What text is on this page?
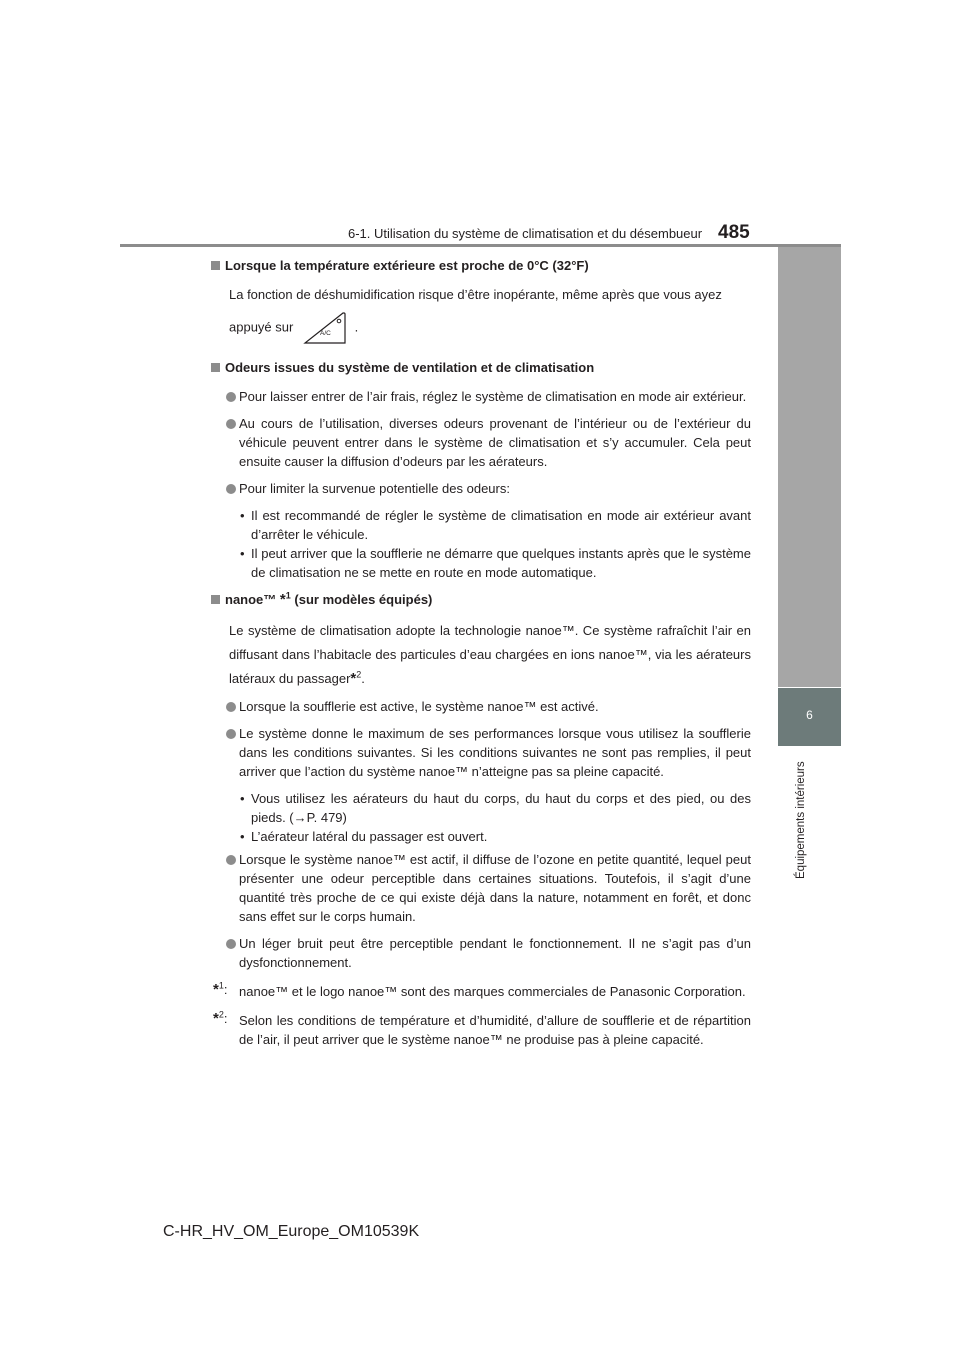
6-1. Utilisation du système de climatisation et du désembueur 485
6
Équipements intérieurs

Lorsque la température extérieure est proche de 0°C (32°F)

La fonction de déshumidification risque d’être inopérante, même après que vous ayez

appuyé sur	A/C .

Odeurs issues du système de ventilation et de climatisation

Pour laisser entrer de l’air frais, réglez le système de climatisation en mode air extérieur.

Au cours de l’utilisation, diverses odeurs provenant de l’intérieur ou de l’extérieur du véhicule peuvent entrer dans le système de climatisation et s’y accumuler. Cela peut ensuite causer la diffusion d’odeurs par les aérateurs.

Pour limiter la survenue potentielle des odeurs:

• Il est recommandé de régler le système de climatisation en mode air extérieur avant d’arrêter le véhicule.

• Il peut arriver que la soufflerie ne démarre que quelques instants après que le système de climatisation ne se mette en route en mode automatique.

nanoe™ *$^1$ (sur modèles équipés)

Le système de climatisation adopte la technologie nanoe™. Ce système rafraîchit l’air en diffusant dans l’habitacle des particules d’eau chargées en ions nanoe™, via les aérateurs latéraux du passager*$^2$.

Lorsque la soufflerie est active, le système nanoe™ est activé.

Le système donne le maximum de ses performances lorsque vous utilisez la soufflerie dans les conditions suivantes. Si les conditions suivantes ne sont pas remplies, il peut arriver que l’action du système nanoe™ n’atteigne pas sa pleine capacité.

• Vous utilisez les aérateurs du haut du corps, du haut du corps et des pied, ou des pieds. (→P. 479)

• L’aérateur latéral du passager est ouvert.

Lorsque le système nanoe™ est actif, il diffuse de l’ozone en petite quantité, lequel peut présenter une odeur perceptible dans certaines situations. Toutefois, il s’agit d’une quantité très proche de ce qui existe déjà dans la nature, notamment en forêt, et donc sans effet sur le corps humain.

Un léger bruit peut être perceptible pendant le fonctionnement. Il ne s’agit pas d’un dysfonctionnement.

*$^1$: nanoe™ et le logo nanoe™ sont des marques commerciales de Panasonic Corporation.

*$^2$: Selon les conditions de température et d’humidité, d’allure de soufflerie et de répartition de l’air, il peut arriver que le système nanoe™ ne produise pas à pleine capacité.

C-HR_HV_OM_Europe_OM10539K
